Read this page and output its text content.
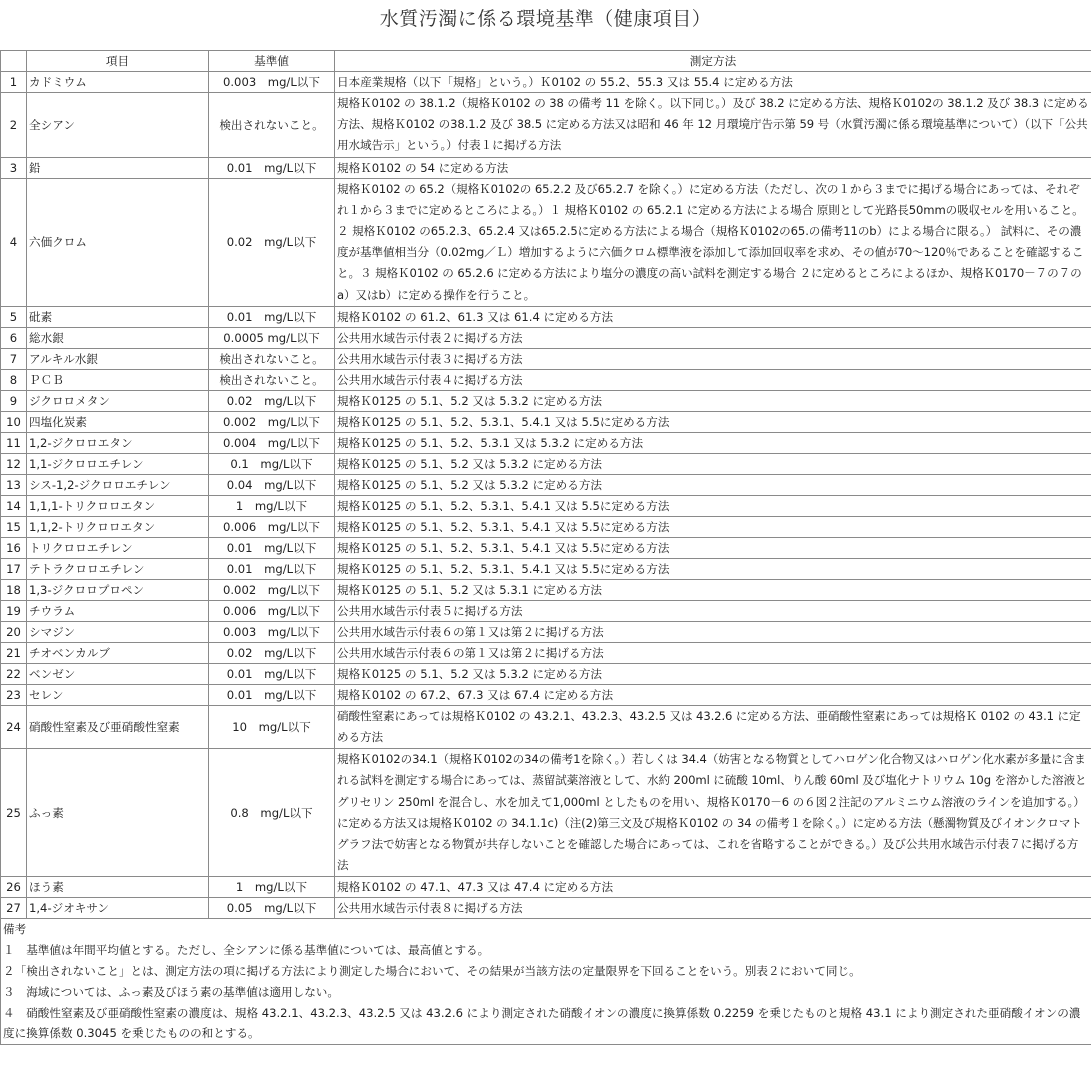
水質汚濁に係る環境基準（健康項目）
	項目	基準値	測定方法
1	カドミウム	0.003　mg/L以下	日本産業規格（以下「規格」という。）Ｋ0102 の 55.2、55.3 又は 55.4 に定める方法
2	全シアン	検出されないこと。	規格Ｋ0102 の 38.1.2（規格Ｋ0102 の 38 の備考 11 を除く。以下同じ。）及び 38.2 に定める方法、規格Ｋ0102の 38.1.2 及び 38.3 に定める方法、規格Ｋ0102 の38.1.2 及び 38.5 に定める方法又は昭和 46 年 12 月環境庁告示第 59 号（水質汚濁に係る環境基準について）（以下「公共用水域告示」という。）付表１に掲げる方法
3	鉛	0.01　mg/L以下	規格Ｋ0102 の 54 に定める方法
4	六価クロム	0.02　mg/L以下	規格Ｋ0102 の 65.2（規格Ｋ0102の 65.2.2 及び65.2.7 を除く。）に定める方法（ただし、次の１から３までに掲げる場合にあっては、それぞれ１から３までに定めるところによる。）１ 規格Ｋ0102 の 65.2.1 に定める方法による場合 原則として光路長50mmの吸収セルを用いること。２ 規格Ｋ0102 の65.2.3、65.2.4 又は65.2.5に定める方法による場合（規格Ｋ0102の65.の備考11のb）による場合に限る。） 試料に、その濃度が基準値相当分（0.02mg／Ｌ）増加するように六価クロム標準液を添加して添加回収率を求め、その値が70～120％であることを確認すること。３ 規格Ｋ0102 の 65.2.6 に定める方法により塩分の濃度の高い試料を測定する場合 ２に定めるところによるほか、規格Ｋ0170－７の７のa）又はb）に定める操作を行うこと。
5	砒素	0.01　mg/L以下	規格Ｋ0102 の 61.2、61.3 又は 61.4 に定める方法
6	総水銀	0.0005 mg/L以下	公共用水域告示付表２に掲げる方法
7	アルキル水銀	検出されないこと。	公共用水域告示付表３に掲げる方法
8	ＰＣＢ	検出されないこと。	公共用水域告示付表４に掲げる方法
9	ジクロロメタン	0.02　mg/L以下	規格Ｋ0125 の 5.1、5.2 又は 5.3.2 に定める方法
10	四塩化炭素	0.002　mg/L以下	規格Ｋ0125 の 5.1、5.2、5.3.1、5.4.1 又は 5.5に定める方法
11	1,2-ジクロロエタン	0.004　mg/L以下	規格Ｋ0125 の 5.1、5.2、5.3.1 又は 5.3.2 に定める方法
12	1,1-ジクロロエチレン	0.1　mg/L以下	規格Ｋ0125 の 5.1、5.2 又は 5.3.2 に定める方法
13	シス-1,2-ジクロロエチレン	0.04　mg/L以下	規格Ｋ0125 の 5.1、5.2 又は 5.3.2 に定める方法
14	1,1,1-トリクロロエタン	1　mg/L以下	規格Ｋ0125 の 5.1、5.2、5.3.1、5.4.1 又は 5.5に定める方法
15	1,1,2-トリクロロエタン	0.006　mg/L以下	規格Ｋ0125 の 5.1、5.2、5.3.1、5.4.1 又は 5.5に定める方法
16	トリクロロエチレン	0.01　mg/L以下	規格Ｋ0125 の 5.1、5.2、5.3.1、5.4.1 又は 5.5に定める方法
17	テトラクロロエチレン	0.01　mg/L以下	規格Ｋ0125 の 5.1、5.2、5.3.1、5.4.1 又は 5.5に定める方法
18	1,3-ジクロロプロペン	0.002　mg/L以下	規格Ｋ0125 の 5.1、5.2 又は 5.3.1 に定める方法
19	チウラム	0.006　mg/L以下	公共用水域告示付表５に掲げる方法
20	シマジン	0.003　mg/L以下	公共用水域告示付表６の第１又は第２に掲げる方法
21	チオベンカルブ	0.02　mg/L以下	公共用水域告示付表６の第１又は第２に掲げる方法
22	ベンゼン	0.01　mg/L以下	規格Ｋ0125 の 5.1、5.2 又は 5.3.2 に定める方法
23	セレン	0.01　mg/L以下	規格Ｋ0102 の 67.2、67.3 又は 67.4 に定める方法
24	硝酸性窒素及び亜硝酸性窒素	10　mg/L以下	硝酸性窒素にあっては規格Ｋ0102 の 43.2.1、43.2.3、43.2.5 又は 43.2.6 に定める方法、亜硝酸性窒素にあっては規格Ｋ 0102 の 43.1 に定める方法
25	ふっ素	0.8　mg/L以下	規格Ｋ0102の34.1（規格Ｋ0102の34の備考1を除く。）若しくは 34.4（妨害となる物質としてハロゲン化合物又はハロゲン化水素が多量に含まれる試料を測定する場合にあっては、蒸留試薬溶液として、水約 200ml に硫酸 10ml、りん酸 60ml 及び塩化ナトリウム 10g を溶かした溶液とグリセリン 250ml を混合し、水を加えて1,000ml としたものを用い、規格Ｋ0170－6 の６図２注記のアルミニウム溶液のラインを追加する。）に定める方法又は規格Ｋ0102 の 34.1.1c)（注(2)第三文及び規格Ｋ0102 の 34 の備考１を除く。）に定める方法（懸濁物質及びイオンクロマトグラフ法で妨害となる物質が共存しないことを確認した場合にあっては、これを省略することができる。）及び公共用水域告示付表７に掲げる方法
26	ほう素	1　mg/L以下	規格Ｋ0102 の 47.1、47.3 又は 47.4 に定める方法
27	1,4-ジオキサン	0.05　mg/L以下	公共用水域告示付表８に掲げる方法

備考
１　基準値は年間平均値とする。ただし、全シアンに係る基準値については、最高値とする。
２「検出されないこと」とは、測定方法の項に掲げる方法により測定した場合において、その結果が当該方法の定量限界を下回ることをいう。別表２において同じ。
３　海域については、ふっ素及びほう素の基準値は適用しない。
４　硝酸性窒素及び亜硝酸性窒素の濃度は、規格 43.2.1、43.2.3、43.2.5 又は 43.2.6 により測定された硝酸イオンの濃度に換算係数 0.2259 を乗じたものと規格 43.1 により測定された亜硝酸イオンの濃度に換算係数 0.3045 を乗じたものの和とする。			
